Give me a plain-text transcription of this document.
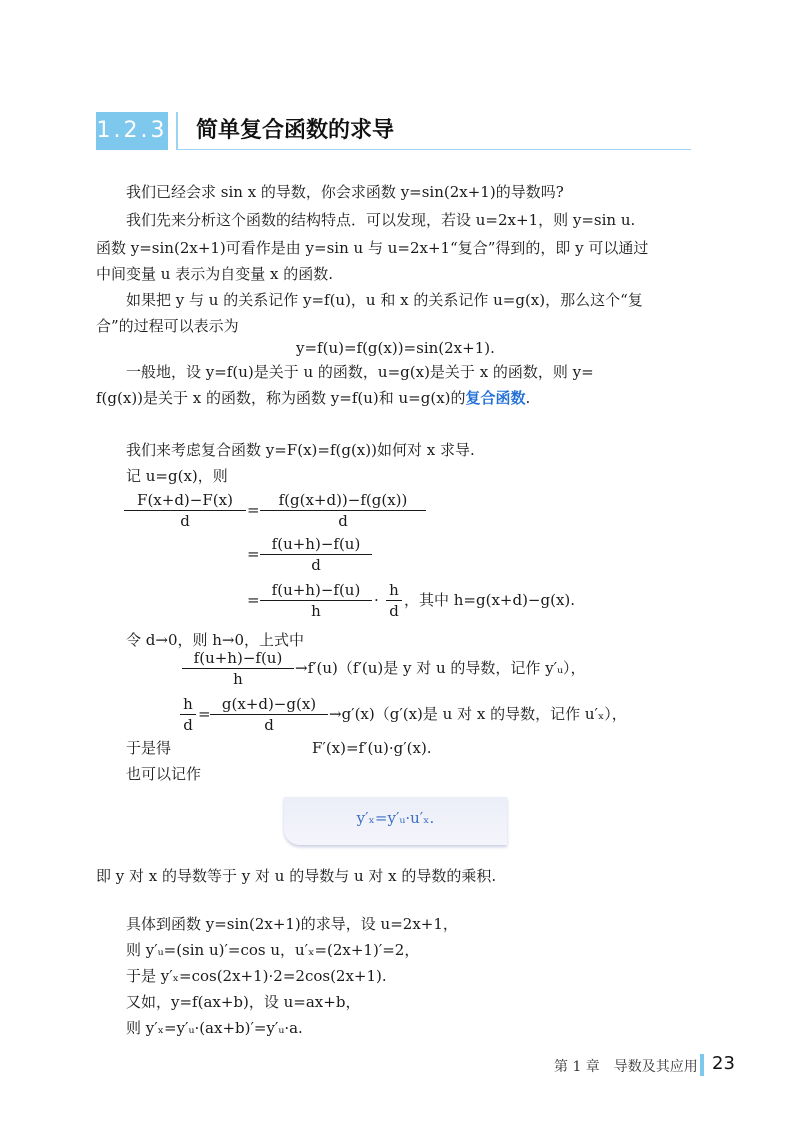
1.2.3 简单复合函数的求导
我们已经会求 sin x 的导数，你会求函数 y=sin(2x+1)的导数吗?
我们先来分析这个函数的结构特点．可以发现，若设 u=2x+1，则 y=sin u.
函数 y=sin(2x+1)可看作是由 y=sin u 与 u=2x+1“复合”得到的，即 y 可以通过
中间变量 u 表示为自变量 x 的函数.
如果把 y 与 u 的关系记作 y=f(u)，u 和 x 的关系记作 u=g(x)，那么这个“复
合”的过程可以表示为
y=f(u)=f(g(x))=sin(2x+1).
一般地，设 y=f(u)是关于 u 的函数，u=g(x)是关于 x 的函数，则 y=
f(g(x))是关于 x 的函数，称为函数 y=f(u)和 u=g(x)的复合函数.
我们来考虑复合函数 y=F(x)=f(g(x))如何对 x 求导.
记 u=g(x)，则
$\frac{F(x+d)-F(x)}{d} = \frac{f(g(x+d))-f(g(x))}{d}$
= $\frac{f(u+h)-f(u)}{d}$
= $\frac{f(u+h)-f(u)}{h} \cdot \frac{h}{d}$ ，其中 h=g(x+d)−g(x).
令 d→0，则 h→0，上式中
$\frac{f(u+h)-f(u)}{h} \to f'(u)(f'(u)$是 y 对 u 的导数，记作 y′ᵤ），
$\frac{h}{d} = \frac{g(x+d)-g(x)}{d} \to g'(x)(g'(x)$是 u 对 x 的导数，记作 u′ₓ），
于是得	F′(x)=f′(u)·g′(x).
也可以记作
y′ₓ=y′ᵤ·u′ₓ.
即 y 对 x 的导数等于 y 对 u 的导数与 u 对 x 的导数的乘积.
具体到函数 y=sin(2x+1)的求导，设 u=2x+1，
则 y′ᵤ=(sin u)′=cos u，u′ₓ=(2x+1)′=2，
于是 y′ₓ=cos(2x+1)·2=2cos(2x+1).
又如，y=f(ax+b)，设 u=ax+b，
则 y′ₓ=y′ᵤ·(ax+b)′=y′ᵤ·a.
第 1 章　导数及其应用 23
